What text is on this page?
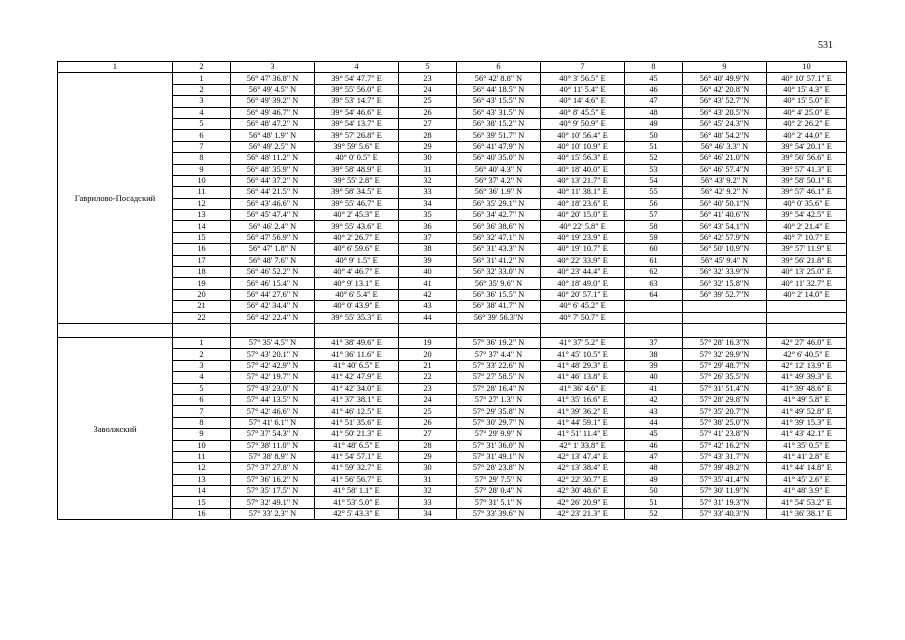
531
1	2	3	4	5	6	7	8	9	10
Гаврилово-Посадский	1	56° 47' 36.8" N	39° 54' 47.7" E	23	56° 42' 8.8" N	40° 3' 56.5" E	45	56° 40' 49.9"N	40° 10' 57.1" E
	2	56° 49' 4.5" N	39° 55' 56.0" E	24	56° 44' 18.5" N	40° 11' 5.4" E	46	56° 42' 20.8"N	40° 15' 4.3" E
	3	56° 49' 39.2" N	39° 53' 14.7" E	25	56° 43' 15.5" N	40° 14' 4.6" E	47	56° 43' 52.7"N	40° 15' 5.0" E
	4	56° 49' 46.7" N	39° 54' 46.6" E	26	56° 43' 31.5" N	40° 8' 45.5" E	48	56° 43' 20.5"N	40° 4' 25.0" E
	5	56° 48' 47.2" N	39° 54' 13.7" E	27	56° 38' 15.2" N	40° 9' 50.9" E	49	56° 45' 24.3"N	40° 2' 26.2" E
	6	56° 48' 1.9" N	39° 57' 26.8" E	28	56° 39' 51.7" N	40° 10' 56.4" E	50	56° 48' 54.2"N	40° 2' 44.0" E
	7	56° 49' 2.5" N	39° 59' 5.6" E	29	56° 41' 47.9" N	40° 10' 10.9" E	51	56° 46' 3.3" N	39° 54' 20.1" E
	8	56° 48' 11.2" N	40° 0' 0.5" E	30	56° 40' 35.0" N	40° 15' 56.3" E	52	56° 46' 21.0"N	39° 56' 56.6" E
	9	56° 48' 35.9" N	39° 58' 48.9" E	31	56° 40' 4.3" N	40° 18' 40.0" E	53	56° 46' 57.4"N	39° 57' 41.3" E
	10	56° 44' 37.2" N	39° 55' 2.8" E	32	56° 37' 4.2" N	40° 13' 21.7" E	54	56° 43' 9.2" N	39° 58' 50.1" E
	11	56° 44' 21.5" N	39° 58' 34.5" E	33	56° 36' 1.9" N	40° 11' 38.1" E	55	56° 42' 9.2" N	39° 57' 46.1" E
	12	56° 43' 46.6" N	39° 55' 46.7" E	34	56° 35' 29.1" N	40° 18' 23.6" E	56	56° 40' 50.1"N	40° 0' 35.6" E
	13	56° 45' 47.4" N	40° 2' 45.3" E	35	56° 34' 42.7" N	40° 20' 15.0" E	57	56° 41' 40.6"N	39° 54' 42.5" E
	14	56° 46' 2.4" N	39° 55' 43.6" E	36	56° 36' 38.6" N	40° 22' 5.8" E	58	56° 43' 54.1"N	40° 2' 21.4" E
	15	56° 47' 56.9" N	40° 2' 26.7" E	37	56° 32' 47.1" N	40° 19' 23.9" E	59	56° 42' 57.9"N	40° 7' 10.7" E
	16	56° 47' 1.8" N	40° 6' 59.6" E	38	56° 31' 43.3" N	40° 19' 10.7" E	60	56° 50' 10.9"N	39° 57' 11.9" E
	17	56° 48' 7.6" N	40° 9' 1.5" E	39	56° 31' 41.2" N	40° 22' 33.9" E	61	56° 45' 9.4" N	39° 56' 21.8" E
	18	56° 46' 52.2" N	40° 4' 46.7" E	40	56° 32' 33.0" N	40° 23' 44.4" E	62	56° 32' 33.9"N	40° 13' 25.0" E
	19	56° 46' 15.4" N	40° 9' 13.1" E	41	56° 35' 9.6" N	40° 18' 49.0" E	63	56° 32' 15.8"N	40° 11' 32.7" E
	20	56° 44' 27.6" N	40° 6' 5.4" E	42	56° 36' 15.5" N	40° 20' 57.1" E	64	56° 39' 52.7"N	40° 2' 14.0" E
	21	56° 42' 34.4" N	40° 0' 43.9" E	43	56° 38' 41.7" N	40° 6' 45.2" E			
	22	56° 42' 22.4" N	39° 55' 35.3" E	44	56° 39' 56.3"N	40° 7' 50.7" E			

Заволжский	1	57° 35' 4.5" N	41° 38' 49.6" E	19	57° 36' 19.2" N	41° 37' 5.2" E	37	57° 28' 16.3"N	42° 27' 46.0" E
	2	57° 43' 20.1" N	41° 36' 11.6" E	20	57° 37' 4.4" N	41° 45' 10.5" E	38	57° 32' 29.9"N	42° 6' 40.5" E
	3	57° 42' 42.9" N	41° 40' 6.5" E	21	57° 33' 22.6" N	41° 48' 29.3" E	39	57° 29' 48.7"N	42° 12' 13.9" E
	4	57° 42' 19.7" N	41° 42' 47.9" E	22	57° 27' 58.5" N	41° 46' 13.8" E	40	57° 26' 35.5"N	41° 49' 39.3" E
	5	57° 43' 23.0" N	41° 42' 34.0" E	23	57° 28' 16.4" N	41° 36' 4.6" E	41	57° 31' 51.4"N	41° 39' 48.6" E
	6	57° 44' 13.5" N	41° 37' 38.1" E	24	57° 27' 1.3" N	41° 35' 16.6" E	42	57° 28' 29.8"N	41° 49' 5.8" E
	7	57° 42' 46.6" N	41° 46' 12.5" E	25	57° 29' 35.8" N	41° 39' 36.2" E	43	57° 35' 20.7"N	41° 49' 52.8" E
	8	57° 41' 6.1" N	41° 51' 35.6" E	26	57° 30' 29.7" N	41° 44' 59.1" E	44	57° 38' 25.0"N	41° 39' 15.3" E
	9	57° 37' 54.3" N	41° 50' 21.3" E	27	57° 29' 9.9" N	41° 51' 11.4" E	45	57° 41' 23.8"N	41° 43' 42.1" E
	10	57° 38' 11.0" N	41° 48' 6.5" E	28	57° 31' 36.0" N	42° 1' 33.8" E	46	57° 42' 16.2"N	41° 35' 0.5" E
	11	57° 38' 8.9" N	41° 54' 57.1" E	29	57° 31' 49.1" N	42° 13' 47.4" E	47	57° 43' 31.7"N	41° 41' 2.8" E
	12	57° 37' 27.8" N	41° 59' 32.7" E	30	57° 28' 23.8" N	42° 13' 38.4" E	48	57° 39' 49.2"N	41° 44' 14.8" E
	13	57° 36' 16.2" N	41° 56' 56.7" E	31	57° 29' 7.5" N	42° 22' 30.7" E	49	57° 35' 41.4"N	41° 45' 2.6" E
	14	57° 35' 17.5" N	41° 58' 1.1" E	32	57° 28' 0.4" N	42° 30' 48.6" E	50	57° 30' 11.9"N	41° 48' 3.9" E
	15	57° 32' 49.1" N	41° 53' 5.0" E	33	57° 31' 5.1" N	42° 26' 20.9" E	51	57° 31' 19.3"N	41° 54' 53.2" E
	16	57° 33' 2.3" N	42° 5' 43.3" E	34	57° 33' 39.6" N	42° 23' 21.3" E	52	57° 33' 40.3"N	41° 36' 38.1" E
